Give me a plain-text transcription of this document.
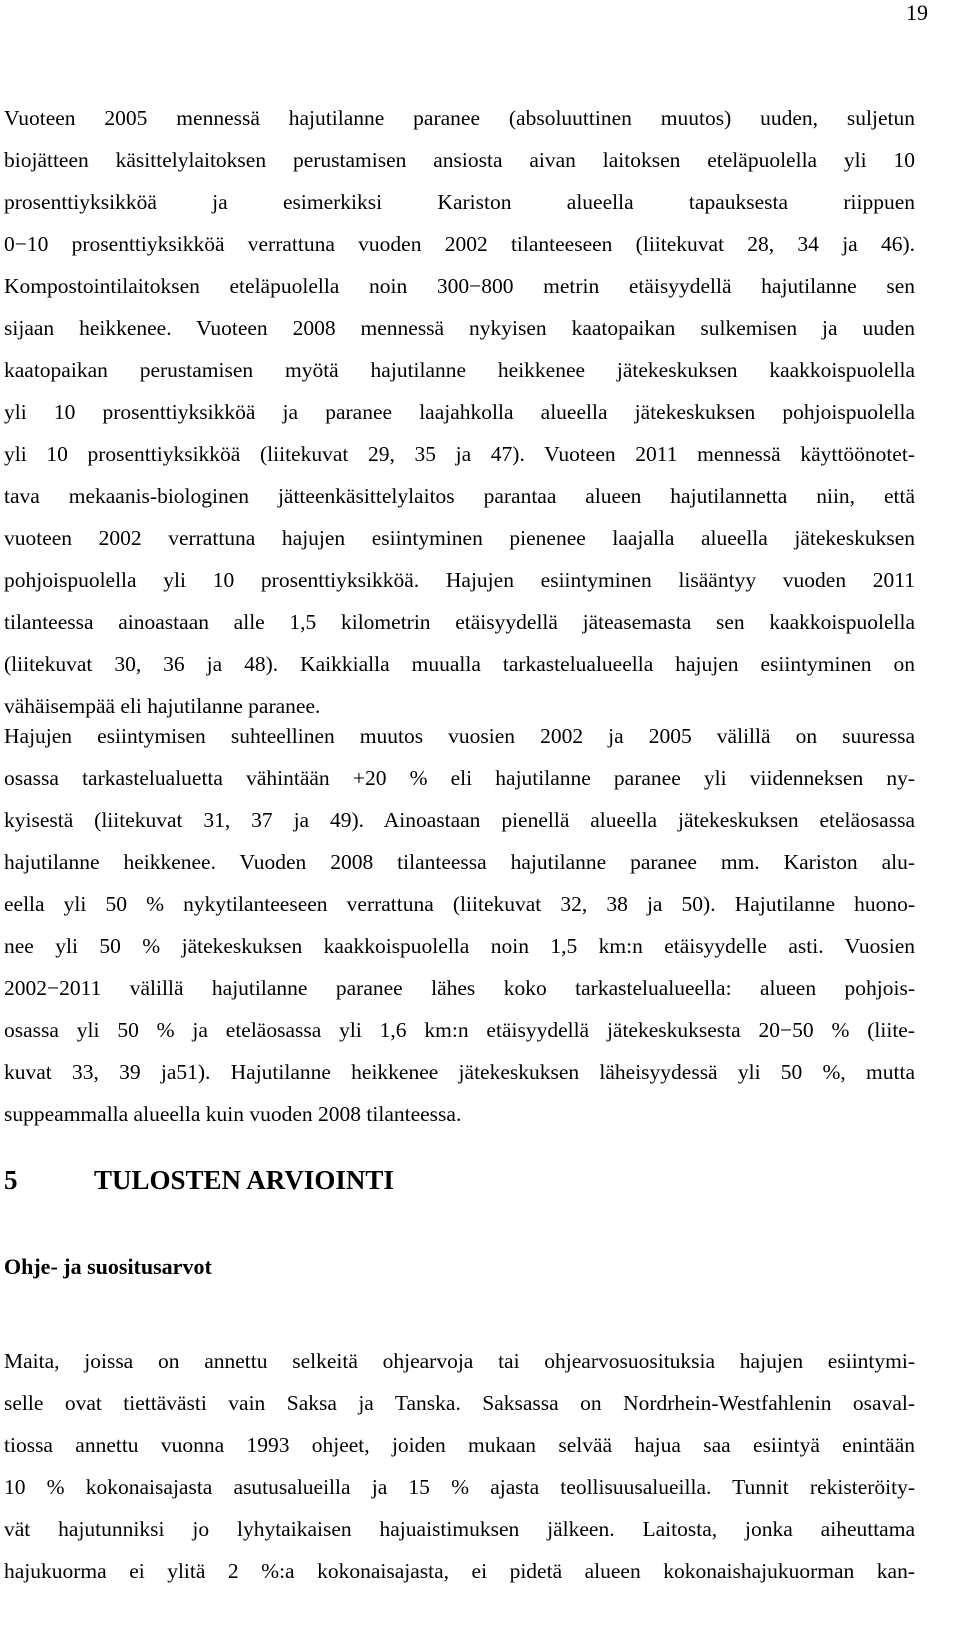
19
Vuoteen 2005 mennessä hajutilanne paranee (absoluuttinen muutos) uuden, suljetun
biojätteen käsittelylaitoksen perustamisen ansiosta aivan laitoksen eteläpuolella yli 10
prosenttiyksikköä ja esimerkiksi Kariston alueella tapauksesta riippuen
0−10 prosenttiyksikköä verrattuna vuoden 2002 tilanteeseen (liitekuvat 28, 34 ja 46).
Kompostointilaitoksen eteläpuolella noin 300−800 metrin etäisyydellä hajutilanne sen
sijaan heikkenee. Vuoteen 2008 mennessä nykyisen kaatopaikan sulkemisen ja uuden
kaatopaikan perustamisen myötä hajutilanne heikkenee jätekeskuksen kaakkoispuolella
yli 10 prosenttiyksikköä ja paranee laajahkolla alueella jätekeskuksen pohjoispuolella
yli 10 prosenttiyksikköä (liitekuvat 29, 35 ja 47). Vuoteen 2011 mennessä käyttöönotet-
tava mekaanis-biologinen jätteenkäsittelylaitos parantaa alueen hajutilannetta niin, että
vuoteen 2002 verrattuna hajujen esiintyminen pienenee laajalla alueella jätekeskuksen
pohjoispuolella yli 10 prosenttiyksikköä. Hajujen esiintyminen lisääntyy vuoden 2011
tilanteessa ainoastaan alle 1,5 kilometrin etäisyydellä jäteasemasta sen kaakkoispuolella
(liitekuvat 30, 36 ja 48). Kaikkialla muualla tarkastelualueella hajujen esiintyminen on
vähäisempää eli hajutilanne paranee.
Hajujen esiintymisen suhteellinen muutos vuosien 2002 ja 2005 välillä on suuressa
osassa tarkastelualuetta vähintään +20 % eli hajutilanne paranee yli viidenneksen ny-
kyisestä (liitekuvat 31, 37 ja 49). Ainoastaan pienellä alueella jätekeskuksen eteläosassa
hajutilanne heikkenee. Vuoden 2008 tilanteessa hajutilanne paranee mm. Kariston alu-
eella yli 50 % nykytilanteeseen verrattuna (liitekuvat 32, 38 ja 50). Hajutilanne huono-
nee yli 50 % jätekeskuksen kaakkoispuolella noin 1,5 km:n etäisyydelle asti. Vuosien
2002−2011 välillä hajutilanne paranee lähes koko tarkastelualueella: alueen pohjois-
osassa yli 50 % ja eteläosassa yli 1,6 km:n etäisyydellä jätekeskuksesta 20−50 % (liite-
kuvat 33, 39 ja51). Hajutilanne heikkenee jätekeskuksen läheisyydessä yli 50 %, mutta
suppeammalla alueella kuin vuoden 2008 tilanteessa.
5	TULOSTEN ARVIOINTI
Ohje- ja suositusarvot
Maita, joissa on annettu selkeitä ohjearvoja tai ohjearvosuosituksia hajujen esiintymi-
selle ovat tiettävästi vain Saksa ja Tanska. Saksassa on Nordrhein-Westfahlenin osaval-
tiossa annettu vuonna 1993 ohjeet, joiden mukaan selvää hajua saa esiintyä enintään
10 % kokonaisajasta asutusalueilla ja 15 % ajasta teollisuusalueilla. Tunnit rekisteröity-
vät hajutunniksi jo lyhytaikaisen hajuaistimuksen jälkeen. Laitosta, jonka aiheuttama
hajukuorma ei ylitä 2 %:a kokonaisajasta, ei pidetä alueen kokonaishajukuorman kan-
